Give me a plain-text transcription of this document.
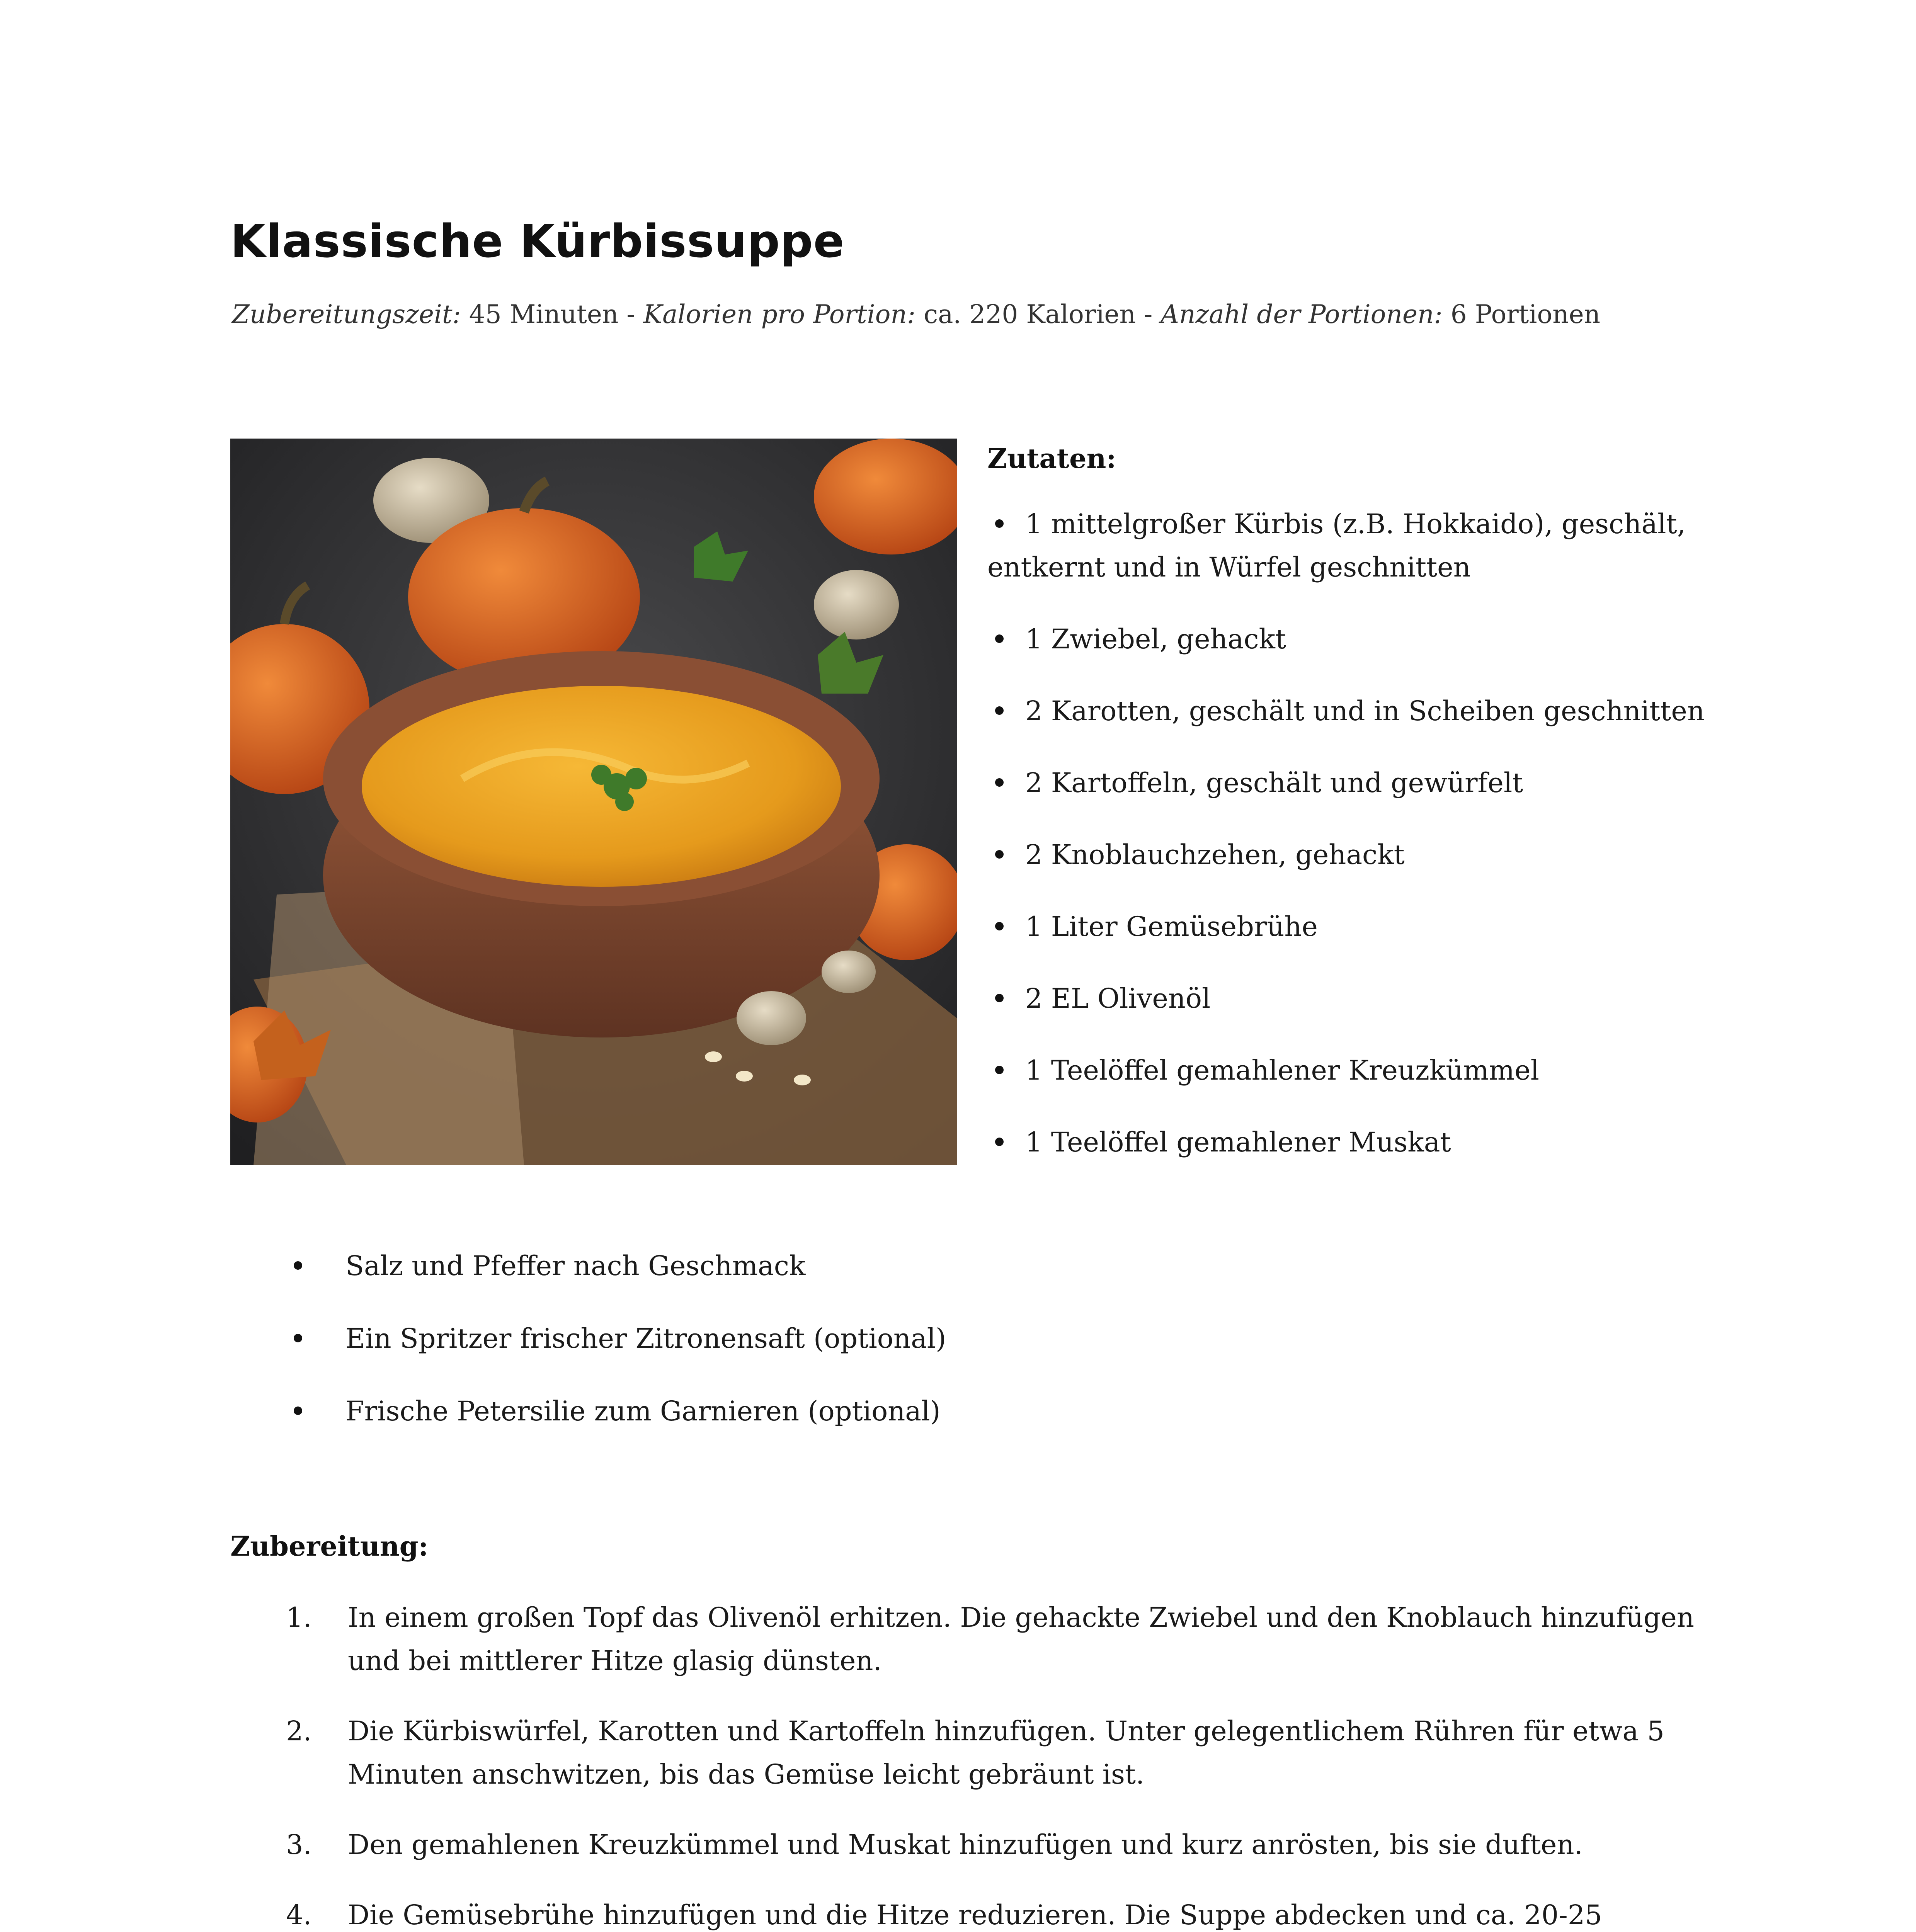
Klassische Kürbissuppe
Zubereitungszeit: 45 Minuten - Kalorien pro Portion: ca. 220 Kalorien - Anzahl der Portionen: 6 Portionen
Zutaten:
1 mittelgroßer Kürbis (z.B. Hokkaido), geschält, entkernt und in Würfel geschnitten
1 Zwiebel, gehackt
2 Karotten, geschält und in Scheiben geschnitten
2 Kartoffeln, geschält und gewürfelt
2 Knoblauchzehen, gehackt
1 Liter Gemüsebrühe
2 EL Olivenöl
1 Teelöffel gemahlener Kreuzkümmel
1 Teelöffel gemahlener Muskat
Salz und Pfeffer nach Geschmack
Ein Spritzer frischer Zitronensaft (optional)
Frische Petersilie zum Garnieren (optional)
Zubereitung:
1. In einem großen Topf das Olivenöl erhitzen. Die gehackte Zwiebel und den Knoblauch hinzufügen und bei mittlerer Hitze glasig dünsten.
2. Die Kürbiswürfel, Karotten und Kartoffeln hinzufügen. Unter gelegentlichem Rühren für etwa 5 Minuten anschwitzen, bis das Gemüse leicht gebräunt ist.
3. Den gemahlenen Kreuzkümmel und Muskat hinzufügen und kurz anrösten, bis sie duften.
4. Die Gemüsebrühe hinzufügen und die Hitze reduzieren. Die Suppe abdecken und ca. 20-25
